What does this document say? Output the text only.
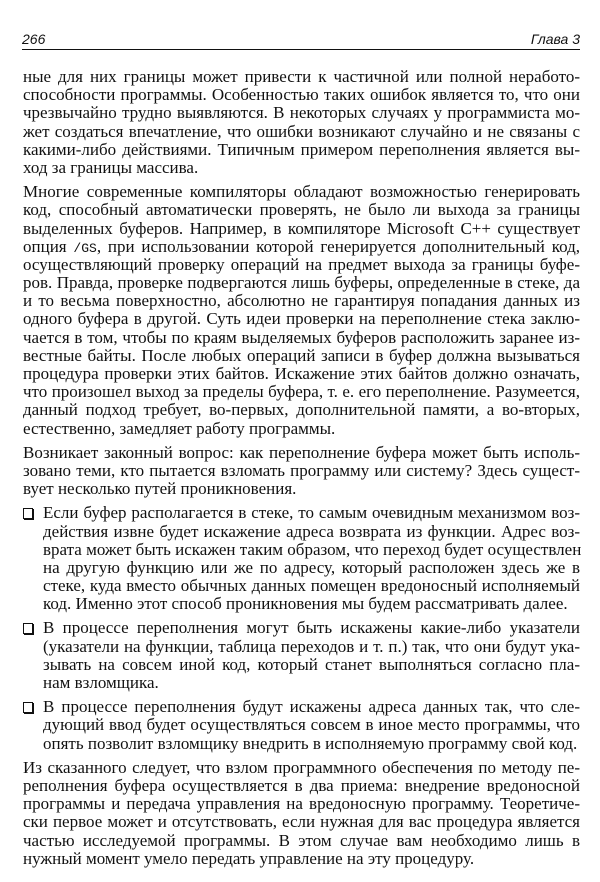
266	Глава 3
ные для них границы может привести к частичной или полной неработо-
способности программы. Особенностью таких ошибок является то, что они
чрезвычайно трудно выявляются. В некоторых случаях у программиста мо-
жет создаться впечатление, что ошибки возникают случайно и не связаны с
какими-либо действиями. Типичным примером переполнения является вы-
ход за границы массива.
Многие современные компиляторы обладают возможностью генерировать
код, способный автоматически проверять, не было ли выхода за границы
выделенных буферов. Например, в компиляторе Microsoft C++ существует
опция /GS, при использовании которой генерируется дополнительный код,
осуществляющий проверку операций на предмет выхода за границы буфе-
ров. Правда, проверке подвергаются лишь буферы, определенные в стеке, да
и то весьма поверхностно, абсолютно не гарантируя попадания данных из
одного буфера в другой. Суть идеи проверки на переполнение стека заклю-
чается в том, чтобы по краям выделяемых буферов расположить заранее из-
вестные байты. После любых операций записи в буфер должна вызываться
процедура проверки этих байтов. Искажение этих байтов должно означать,
что произошел выход за пределы буфера, т. е. его переполнение. Разумеется,
данный подход требует, во-первых, дополнительной памяти, а во-вторых,
естественно, замедляет работу программы.
Возникает законный вопрос: как переполнение буфера может быть исполь-
зовано теми, кто пытается взломать программу или систему? Здесь сущест-
вует несколько путей проникновения.
Если буфер располагается в стеке, то самым очевидным механизмом воз-
действия извне будет искажение адреса возврата из функции. Адрес воз-
врата может быть искажен таким образом, что переход будет осуществлен
на другую функцию или же по адресу, который расположен здесь же в
стеке, куда вместо обычных данных помещен вредоносный исполняемый
код. Именно этот способ проникновения мы будем рассматривать далее.
В процессе переполнения могут быть искажены какие-либо указатели
(указатели на функции, таблица переходов и т. п.) так, что они будут ука-
зывать на совсем иной код, который станет выполняться согласно пла-
нам взломщика.
В процессе переполнения будут искажены адреса данных так, что сле-
дующий ввод будет осуществляться совсем в иное место программы, что
опять позволит взломщику внедрить в исполняемую программу свой код.
Из сказанного следует, что взлом программного обеспечения по методу пе-
реполнения буфера осуществляется в два приема: внедрение вредоносной
программы и передача управления на вредоносную программу. Теоретиче-
ски первое может и отсутствовать, если нужная для вас процедура является
частью исследуемой программы. В этом случае вам необходимо лишь в
нужный момент умело передать управление на эту процедуру.
